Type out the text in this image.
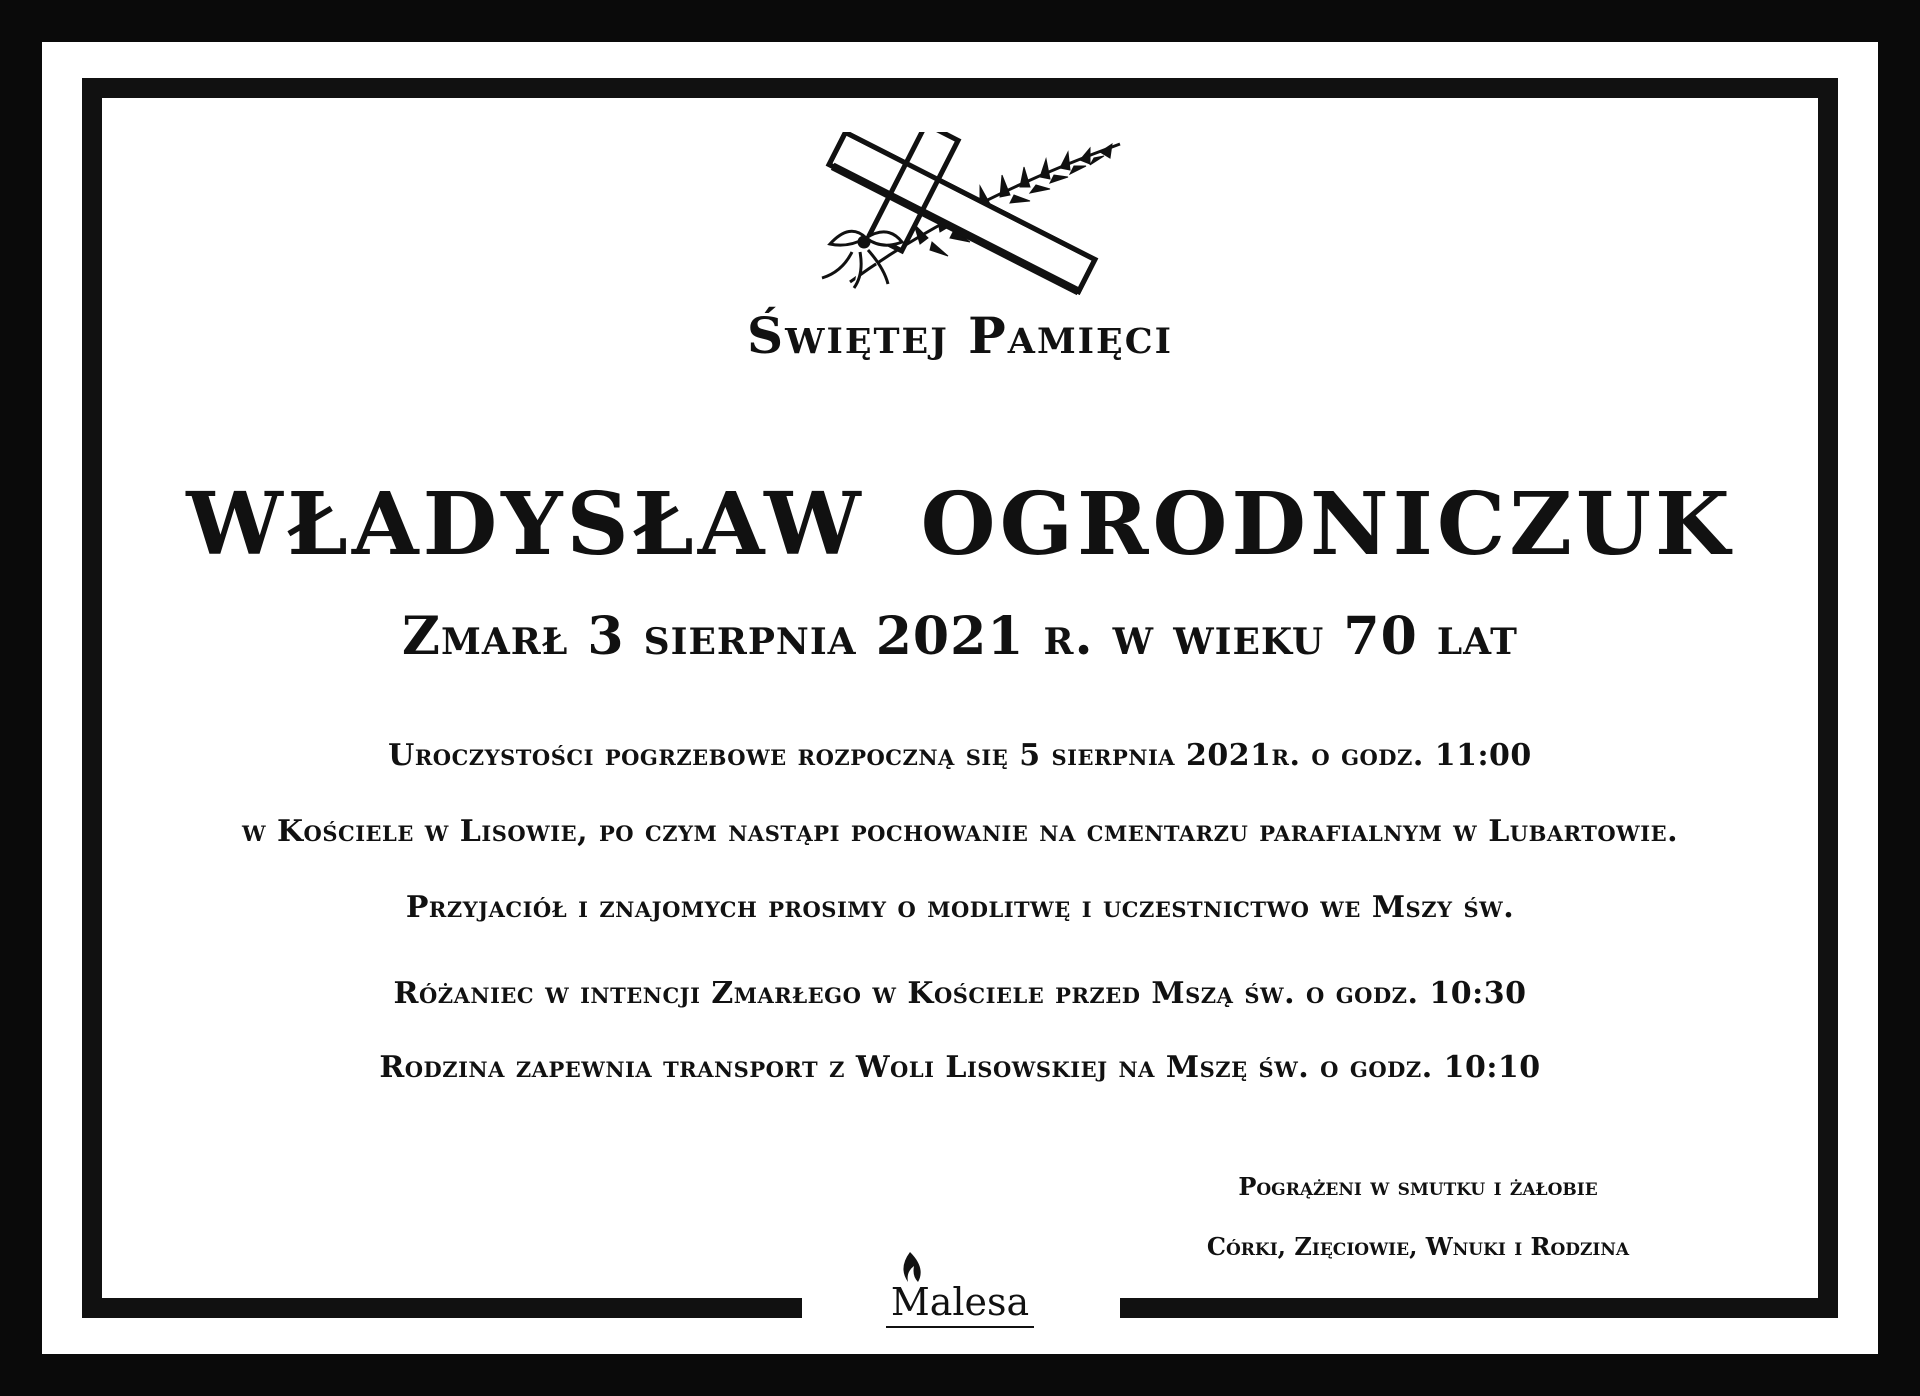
Świętej Pamięci
WŁADYSŁAW OGRODNICZUK
Zmarł 3 sierpnia 2021 r. w wieku 70 lat
Uroczystości pogrzebowe rozpoczną się 5 sierpnia 2021r. o godz. 11:00
w Kościele w Lisowie, po czym nastąpi pochowanie na cmentarzu parafialnym w Lubartowie.
Przyjaciół i znajomych prosimy o modlitwę i uczestnictwo we Mszy św.
Różaniec w intencji Zmarłego w Kościele przed Mszą św. o godz. 10:30
Rodzina zapewnia transport z Woli Lisowskiej na Mszę św. o godz. 10:10
Pogrążeni w smutku i żałobie
Córki, Zięciowie, Wnuki i Rodzina
Malesa
